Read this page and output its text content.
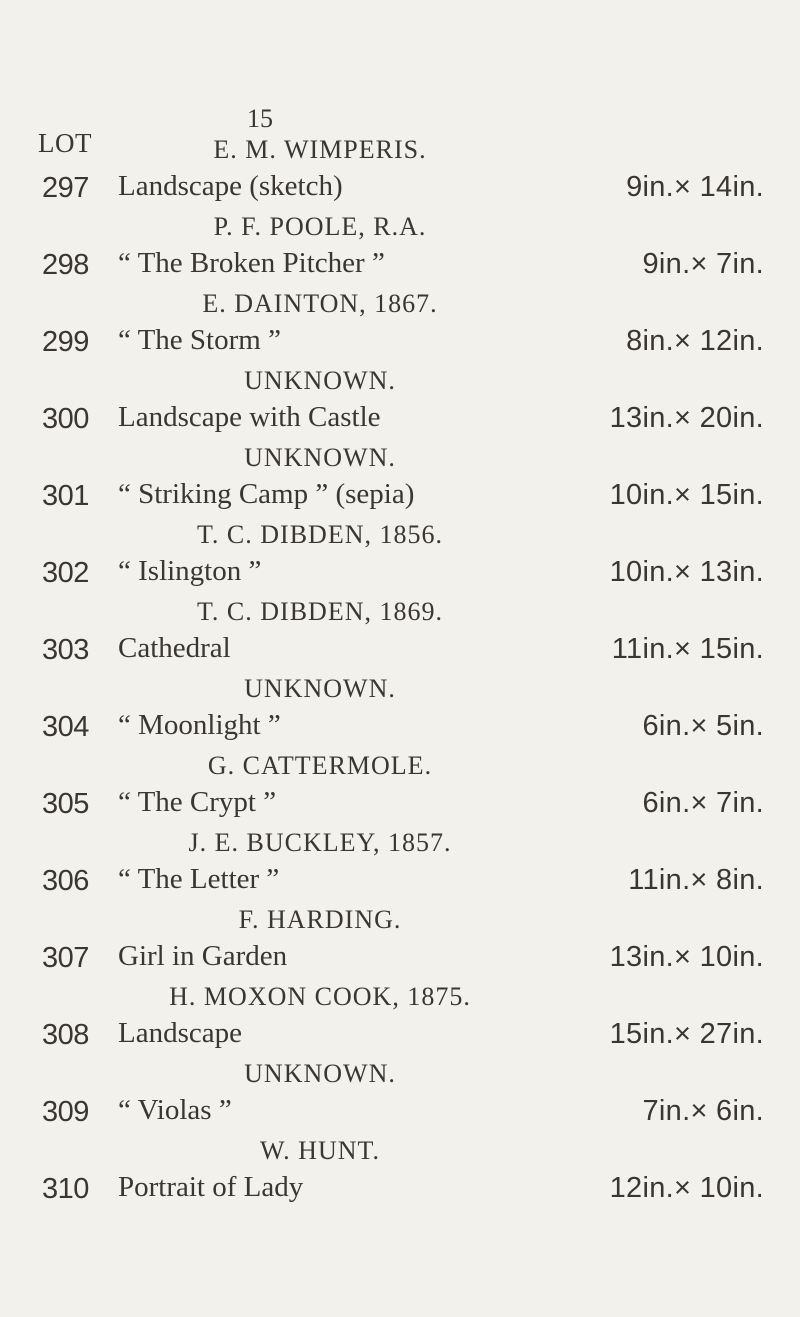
15
LOT	E. M. WIMPERIS.
297 Landscape (sketch)	9in.× 14in.
P. F. POOLE, R.A.
298 “ The Broken Pitcher ”	9in.× 7in.
E. DAINTON, 1867.
299 “ The Storm ”	8in.× 12in.
UNKNOWN.
300 Landscape with Castle	13in.× 20in.
UNKNOWN.
301 “ Striking Camp ” (sepia)	10in.× 15in.
T. C. DIBDEN, 1856.
302 “ Islington ”	10in.× 13in.
T. C. DIBDEN, 1869.
303 Cathedral	11in.× 15in.
UNKNOWN.
304 “ Moonlight ”	6in.× 5in.
G. CATTERMOLE.
305 “ The Crypt ”	6in.× 7in.
J. E. BUCKLEY, 1857.
306 “ The Letter ”	11in.× 8in.
F. HARDING.
307 Girl in Garden	13in.× 10in.
H. MOXON COOK, 1875.
308 Landscape	15in.× 27in.
UNKNOWN.
309 “ Violas ”	7in.× 6in.
W. HUNT.
310 Portrait of Lady	12in.× 10in.
